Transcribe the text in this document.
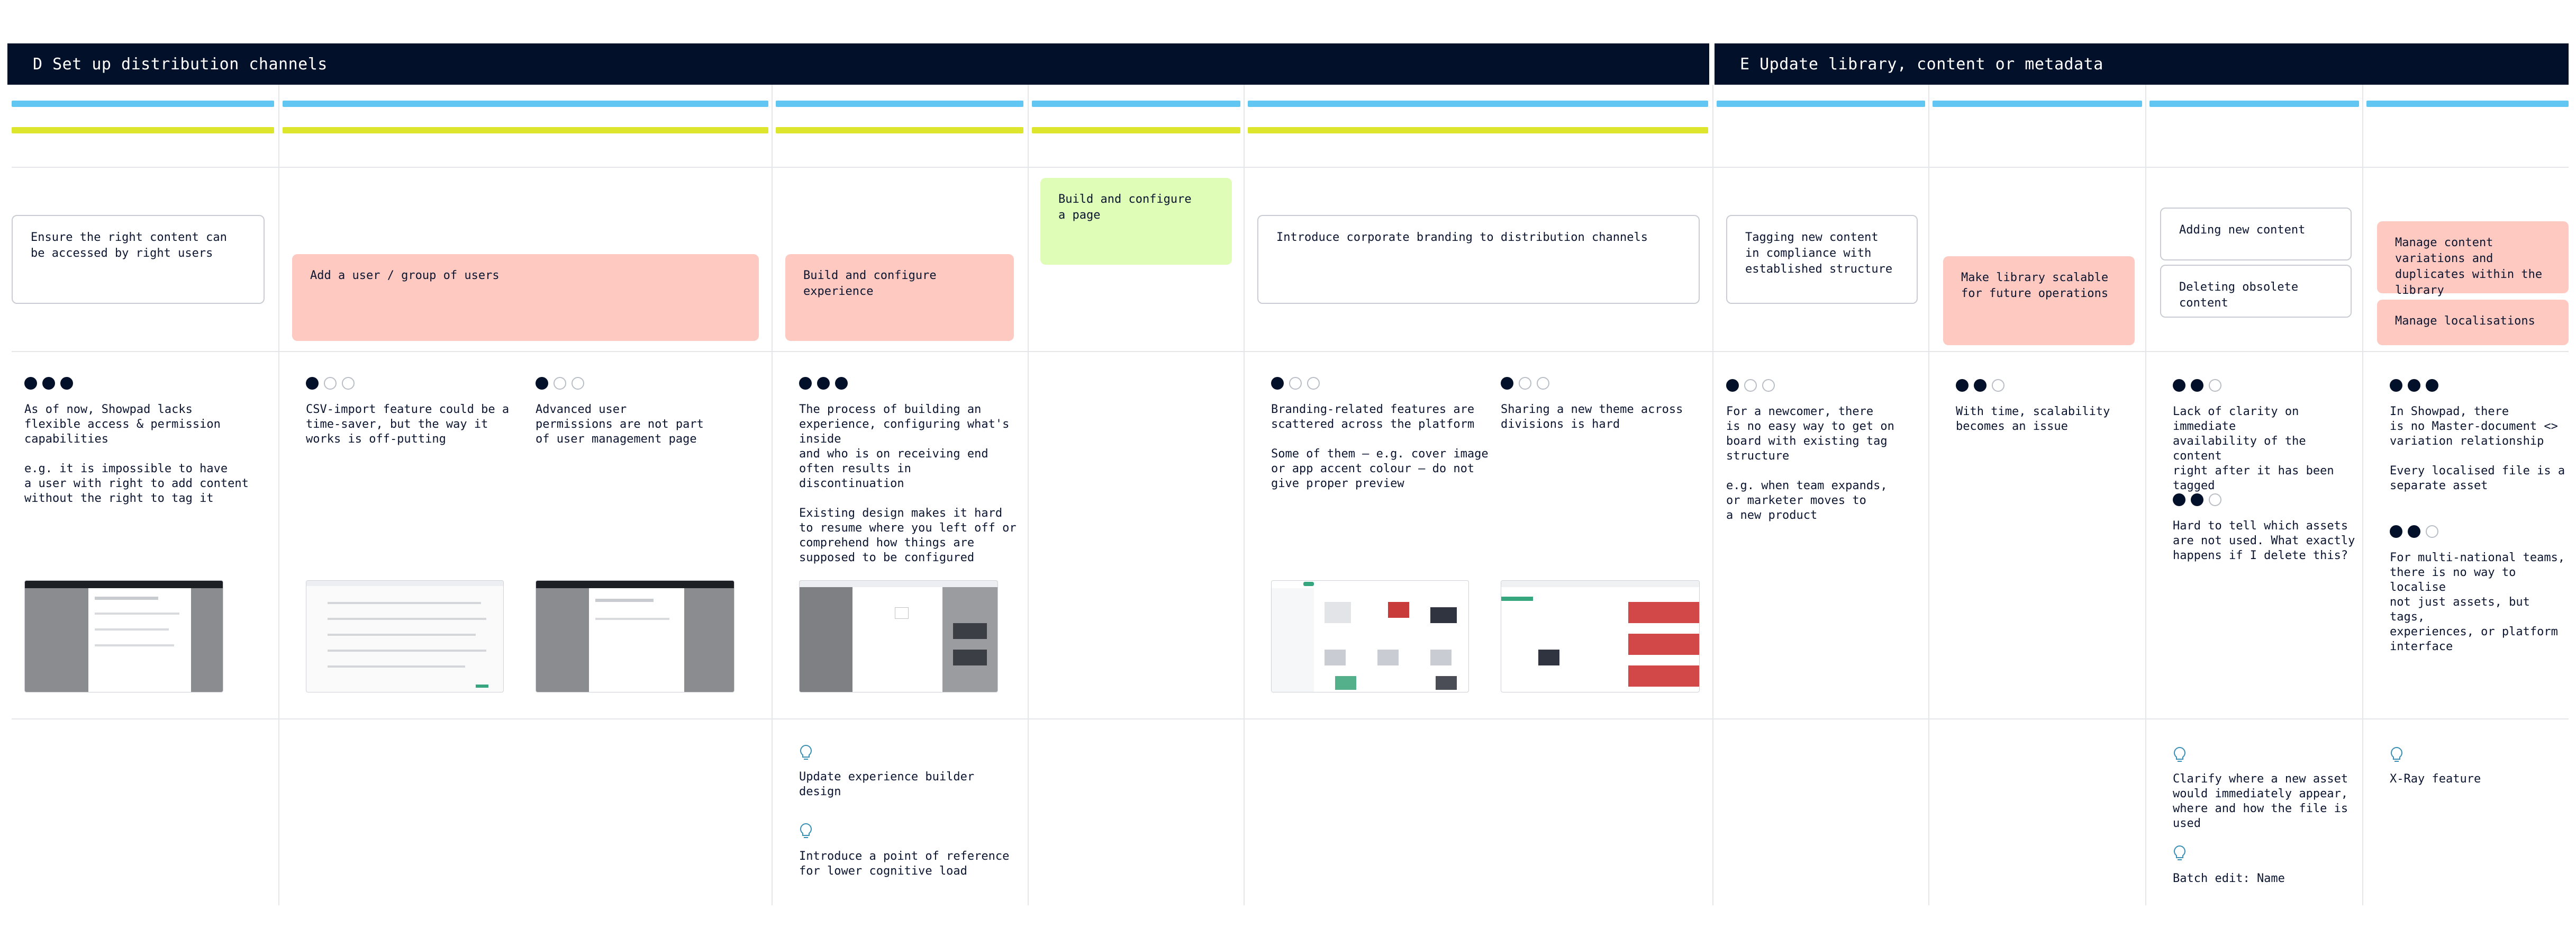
D Set up distribution channels	E Update library, content or metadata
Ensure the right content can be accessed by right users
Add a user / group of users	Build and configure experience
Build and configure
a page
Introduce corporate branding to distribution channels	Tagging new content
in compliance with
established structure
Make library scalable for future operations
Adding new content
Deleting obsolete content
Manage content variations and duplicates within the library
Manage localisations
As of now, Showpad lacks
flexible access & permission
capabilities

e.g. it is impossible to have
a user with right to add content
without the right to tag it
CSV-import feature could be a
time-saver, but the way it
works is off-putting
Advanced user
permissions are not part
of user management page
The process of building an
experience, configuring what's
inside
and who is on receiving end
often results in
discontinuation

Existing design makes it hard
to resume where you left off or
comprehend how things are
supposed to be configured
Branding-related features are
scattered across the platform

Some of them — e.g. cover image
or app accent colour — do not
give proper preview
Sharing a new theme across
divisions is hard
For a newcomer, there
is no easy way to get on
board with existing tag
structure

e.g. when team expands,
or marketer moves to
a new product
With time, scalability
becomes an issue
Lack of clarity on immediate
availability of the content
right after it has been
tagged
Hard to tell which assets
are not used. What exactly
happens if I delete this?
In Showpad, there
is no Master-document <>
variation relationship

Every localised file is a
separate asset
For multi-national teams,
there is no way to localise
not just assets, but tags,
experiences, or platform
interface
Update experience builder
design
Introduce a point of reference
for lower cognitive load
Clarify where a new asset
would immediately appear,
where and how the file is
used
Batch edit: Name
X-Ray feature
